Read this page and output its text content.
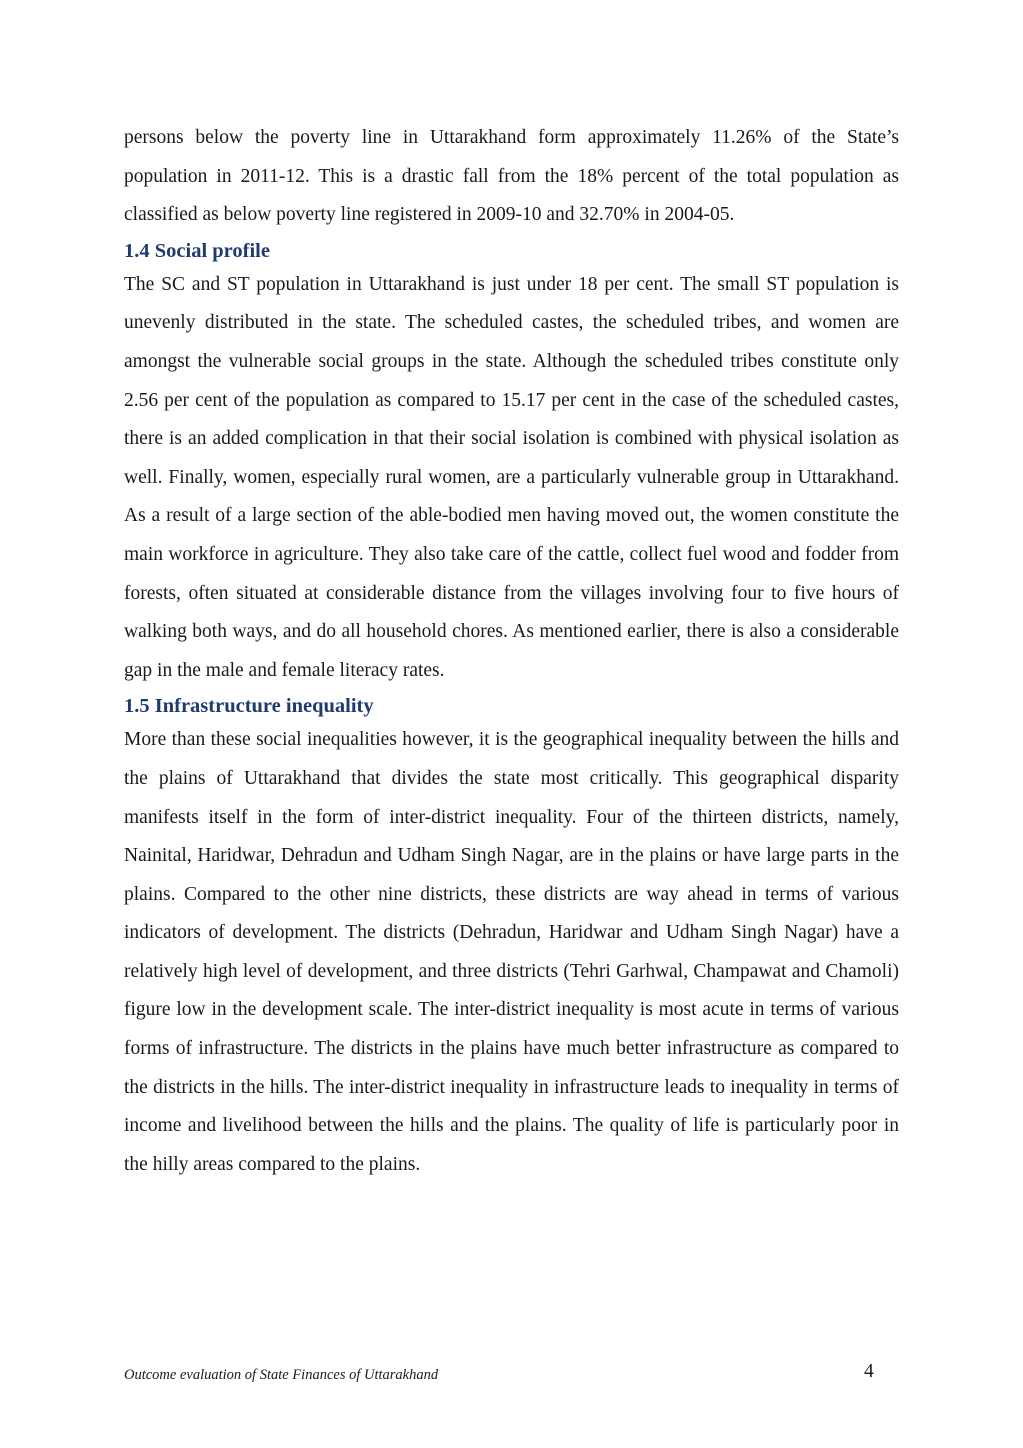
persons below the poverty line in Uttarakhand form approximately 11.26% of the State’s population in 2011-12. This is a drastic fall from the 18% percent of the total population as classified as below poverty line registered in 2009-10 and 32.70% in 2004-05.

1.4 Social profile

The SC and ST population in Uttarakhand is just under 18 per cent. The small ST population is unevenly distributed in the state. The scheduled castes, the scheduled tribes, and women are amongst the vulnerable social groups in the state. Although the scheduled tribes constitute only 2.56 per cent of the population as compared to 15.17 per cent in the case of the scheduled castes, there is an added complication in that their social isolation is combined with physical isolation as well. Finally, women, especially rural women, are a particularly vulnerable group in Uttarakhand. As a result of a large section of the able-bodied men having moved out, the women constitute the main workforce in agriculture. They also take care of the cattle, collect fuel wood and fodder from forests, often situated at considerable distance from the villages involving four to five hours of walking both ways, and do all household chores. As mentioned earlier, there is also a considerable gap in the male and female literacy rates.

1.5 Infrastructure inequality

More than these social inequalities however, it is the geographical inequality between the hills and the plains of Uttarakhand that divides the state most critically. This geographical disparity manifests itself in the form of inter-district inequality. Four of the thirteen districts, namely, Nainital, Haridwar, Dehradun and Udham Singh Nagar, are in the plains or have large parts in the plains. Compared to the other nine districts, these districts are way ahead in terms of various indicators of development. The districts (Dehradun, Haridwar and Udham Singh Nagar) have a relatively high level of development, and three districts (Tehri Garhwal, Champawat and Chamoli) figure low in the development scale. The inter-district inequality is most acute in terms of various forms of infrastructure. The districts in the plains have much better infrastructure as compared to the districts in the hills. The inter-district inequality in infrastructure leads to inequality in terms of income and livelihood between the hills and the plains. The quality of life is particularly poor in the hilly areas compared to the plains.

Outcome evaluation of State Finances of Uttarakhand	4
